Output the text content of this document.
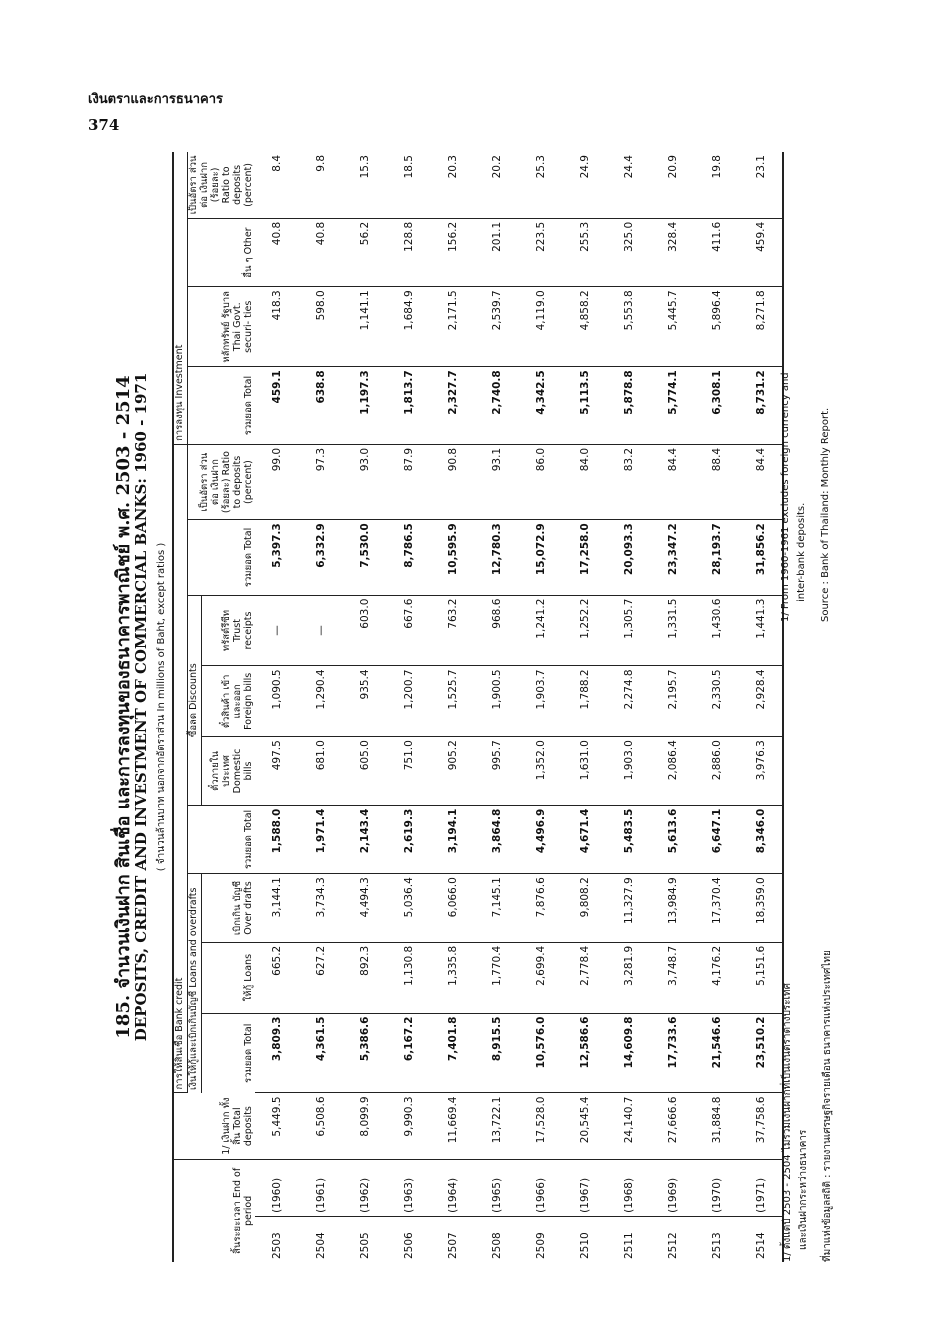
เงินตราและการธนาคาร
374
185. จำนวนเงินฝาก สินเชื่อ และการลงทุนของธนาคารพาณิชย์ พ.ศ. 2503 - 2514
DEPOSITS, CREDIT AND INVESTMENT OF COMMERCIAL BANKS: 1960 - 1971 ( จำนวนล้านบาท นอกจากอัตราส่วน In millions of Baht, except ratios )
สิ้นระยะเวลา End of period		1/ เงินฝาก ทั้งสิ้น Total deposits	การให้สินเชื่อ Bank credit									การลงทุน Investment			
			เงินให้กู้และเบิกเกินบัญชี Loans and overdrafts			รวมยอด Total	ซื้อลด Discounts			รวมยอด Total	เป็นอัตรา ส่วนต่อ เงินฝาก (ร้อยละ) Ratio to deposits (percent)	รวมยอด Total	หลักทรัพย์ รัฐบาล Thai Govt. securi- ties	อื่น ๆ Other	เป็นอัตรา ส่วนต่อ เงินฝาก (ร้อยละ) Ratio to deposits (percent)
			รวมยอด Total	ให้กู้ Loans	เบิกเกิน บัญชี Over drafts		ตั๋วภายใน ประเทศ Domestic bills	ตั๋วสินค้า เข้า และออก Foreign bills	ทรัสต์รีซีท Trust receipts						

2503	(1960)	5,449.5	3,809.3	665.2	3,144.1	1,588.0	497.5	1,090.5	—	5,397.3	99.0	459.1	418.3	40.8	8.4
2504	(1961)	6,508.6	4,361.5	627.2	3,734.3	1,971.4	681.0	1,290.4	—	6,332.9	97.3	638.8	598.0	40.8	9.8
2505	(1962)	8,099.9	5,386.6	892.3	4,494.3	2,143.4	605.0	935.4	603.0	7,530.0	93.0	1,197.3	1,141.1	56.2	15.3
2506	(1963)	9,990.3	6,167.2	1,130.8	5,036.4	2,619.3	751.0	1,200.7	667.6	8,786.5	87.9	1,813.7	1,684.9	128.8	18.5
2507	(1964)	11,669.4	7,401.8	1,335.8	6,066.0	3,194.1	905.2	1,525.7	763.2	10,595.9	90.8	2,327.7	2,171.5	156.2	20.3
2508	(1965)	13,722.1	8,915.5	1,770.4	7,145.1	3,864.8	995.7	1,900.5	968.6	12,780.3	93.1	2,740.8	2,539.7	201.1	20.2
2509	(1966)	17,528.0	10,576.0	2,699.4	7,876.6	4,496.9	1,352.0	1,903.7	1,241.2	15,072.9	86.0	4,342.5	4,119.0	223.5	25.3
2510	(1967)	20,545.4	12,586.6	2,778.4	9,808.2	4,671.4	1,631.0	1,788.2	1,252.2	17,258.0	84.0	5,113.5	4,858.2	255.3	24.9
2511	(1968)	24,140.7	14,609.8	3,281.9	11,327.9	5,483.5	1,903.0	2,274.8	1,305.7	20,093.3	83.2	5,878.8	5,553.8	325.0	24.4
2512	(1969)	27,666.6	17,733.6	3,748.7	13,984.9	5,613.6	2,086.4	2,195.7	1,331.5	23,347.2	84.4	5,774.1	5,445.7	328.4	20.9
2513	(1970)	31,884.8	21,546.6	4,176.2	17,370.4	6,647.1	2,886.0	2,330.5	1,430.6	28,193.7	88.4	6,308.1	5,896.4	411.6	19.8
2514	(1971)	37,758.6	23,510.2	5,151.6	18,359.0	8,346.0	3,976.3	2,928.4	1,441.3	31,856.2	84.4	8,731.2	8,271.8	459.4	23.1
1/ ตั้งแต่ปี 2503 - 2504 ไม่รวมเงินฝากที่เป็นเงินตราต่างประเทศ และเงินฝากระหว่างธนาคาร
1/ From 1960-1961 excludes foreign currency and inter-bank deposits.
ที่มาแห่งข้อมูลสถิติ : รายงานเศรษฐกิจรายเดือน ธนาคารแห่งประเทศไทย
Source : Bank of Thailand: Monthly Report.
